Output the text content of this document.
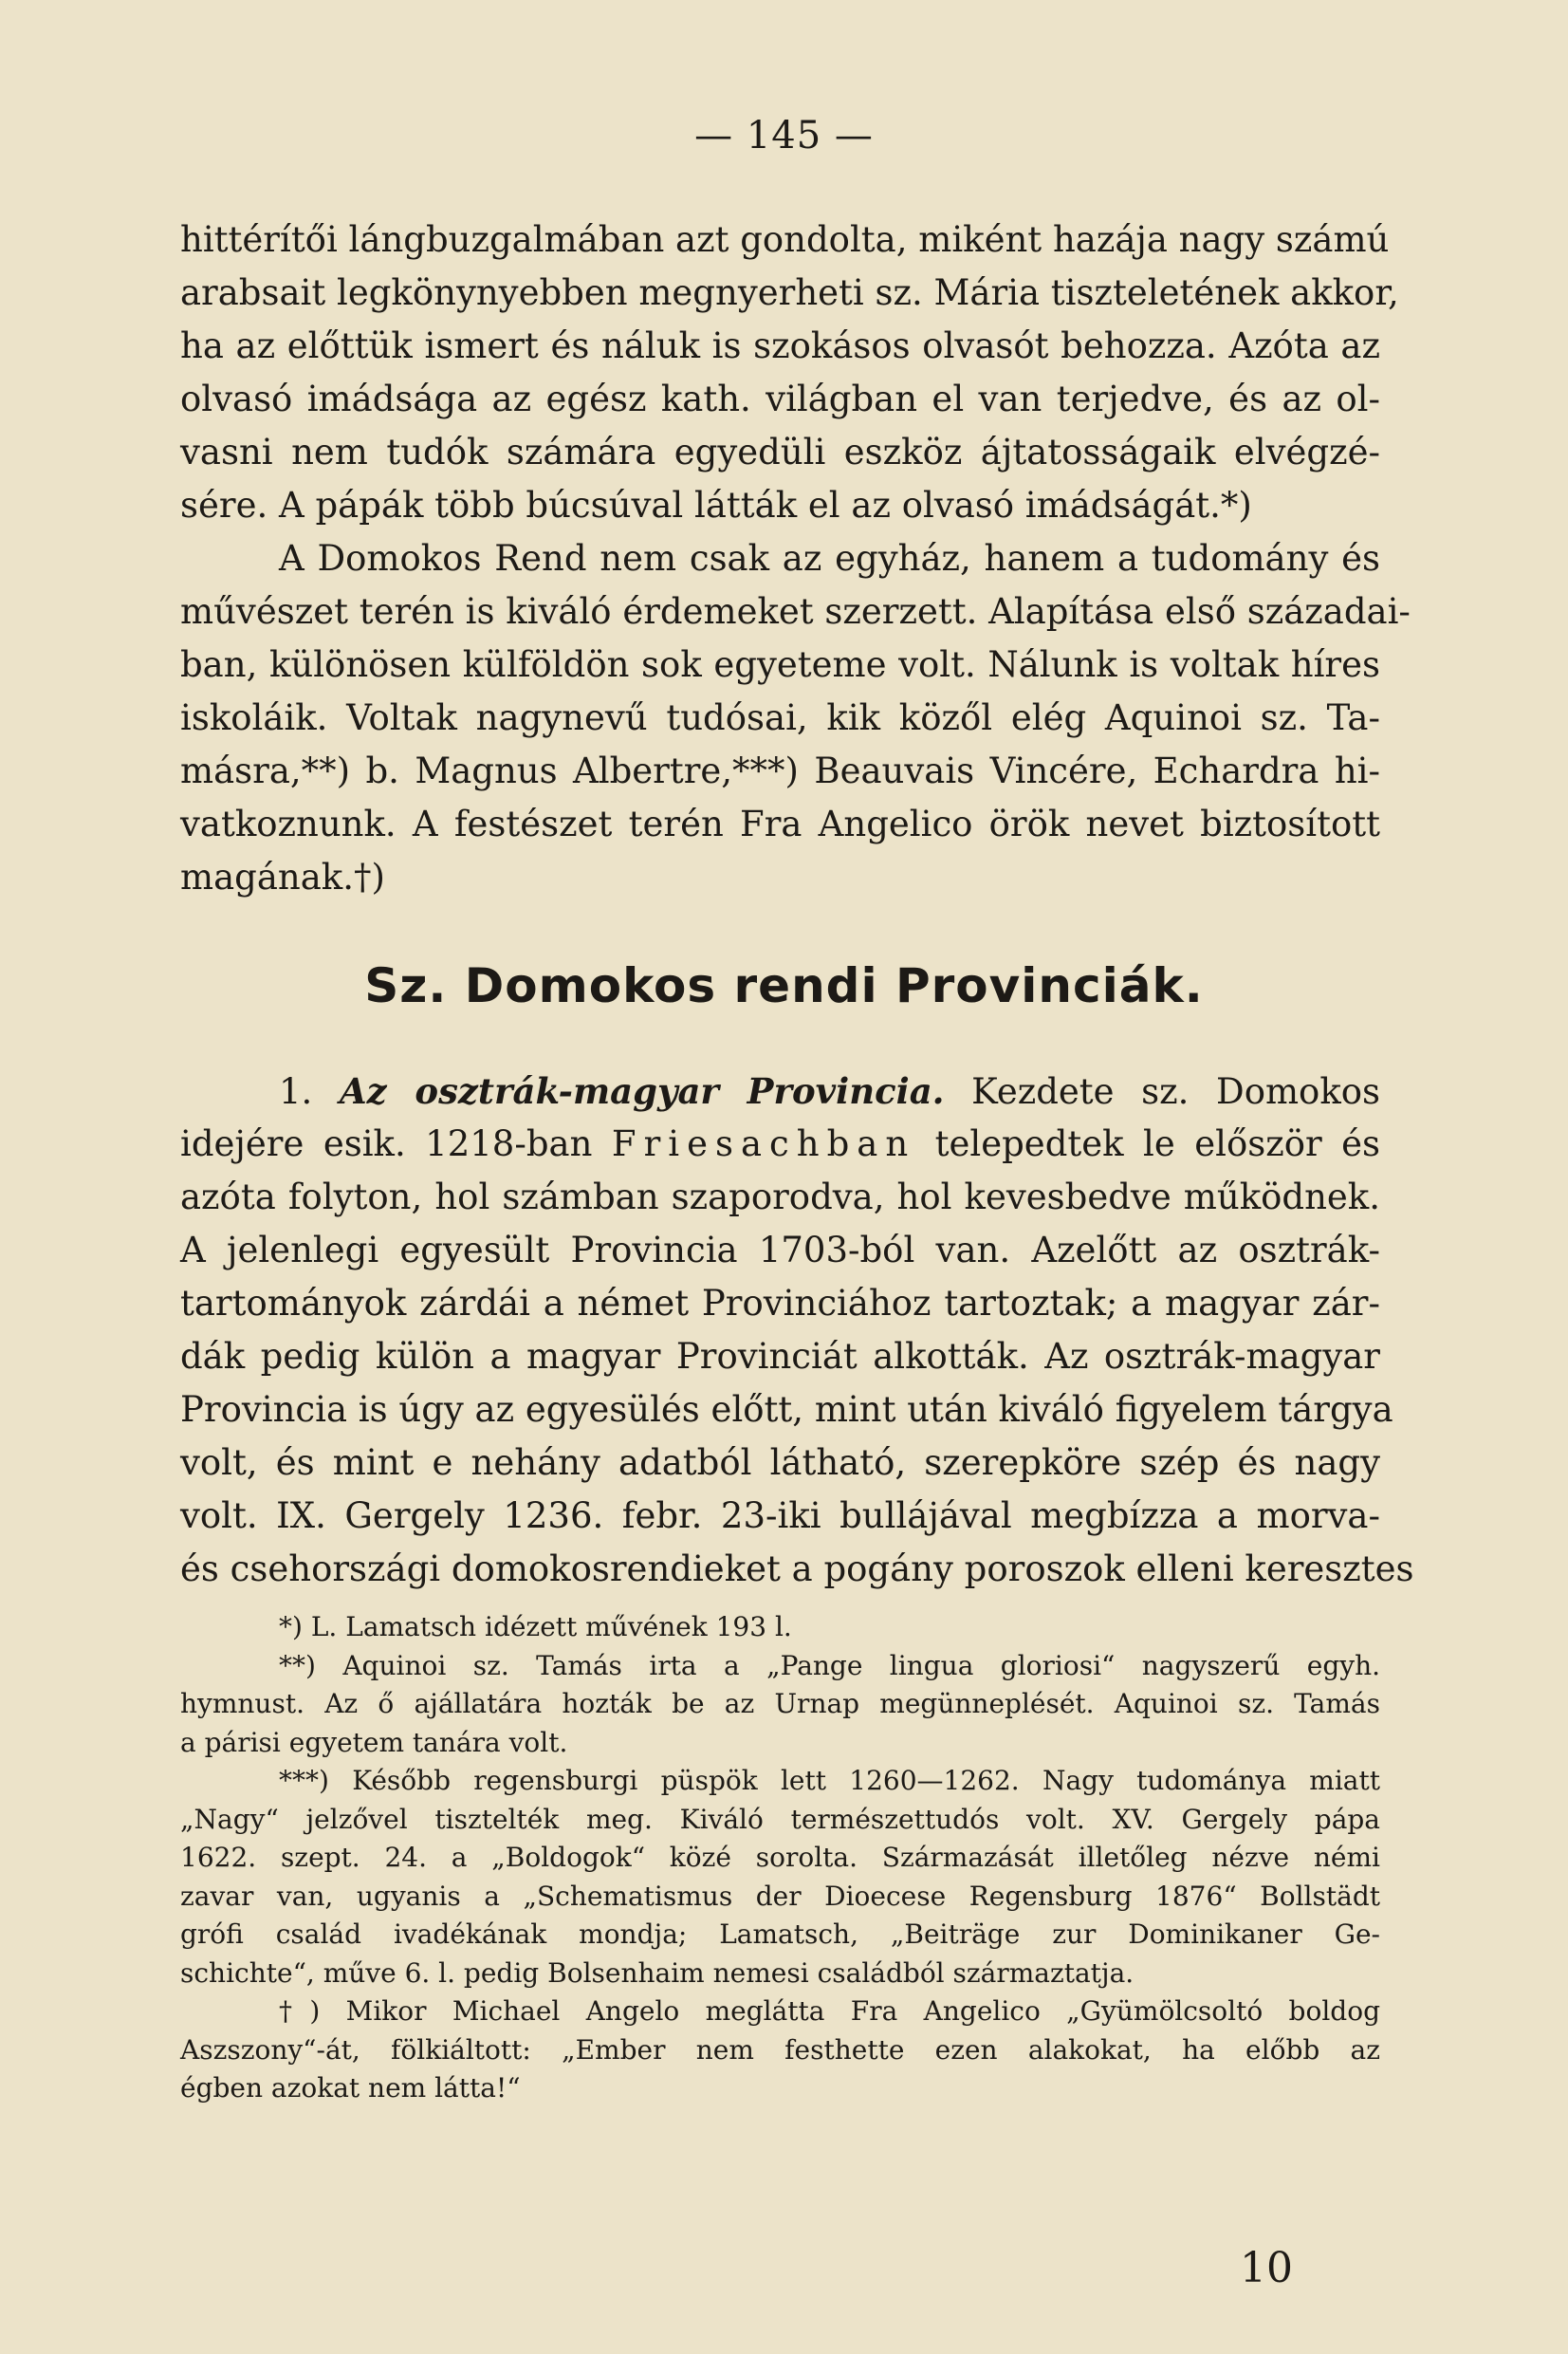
— 145 —
hittérítői lángbuzgalmában azt gondolta, miként hazája nagy számú
arabsait legkönynyebben megnyerheti sz. Mária tiszteletének akkor,
ha az előttük ismert és náluk is szokásos olvasót behozza. Azóta az
olvasó imádsága az egész kath. világban el van terjedve, és az ol-
vasni nem tudók számára egyedüli eszköz ájtatosságaik elvégzé-
sére. A pápák több búcsúval látták el az olvasó imádságát.*)
A Domokos Rend nem csak az egyház, hanem a tudomány és
művészet terén is kiváló érdemeket szerzett. Alapítása első századai-
ban, különösen külföldön sok egyeteme volt. Nálunk is voltak híres
iskoláik. Voltak nagynevű tudósai, kik közől elég Aquinoi sz. Ta-
másra,**) b. Magnus Albertre,***) Beauvais Vincére, Echardra hi-
vatkoznunk. A festészet terén Fra Angelico örök nevet biztosított
magának.†)
Sz. Domokos rendi Provinciák.
1. Az osztrák-magyar Provincia. Kezdete sz. Domokos
idejére esik. 1218-ban Friesachban telepedtek le először és
azóta folyton, hol számban szaporodva, hol kevesbedve működnek.
A jelenlegi egyesült Provincia 1703-ból van. Azelőtt az osztrák-
tartományok zárdái a német Provinciához tartoztak; a magyar zár-
dák pedig külön a magyar Provinciát alkották. Az osztrák-magyar
Provincia is úgy az egyesülés előtt, mint után kiváló figyelem tárgya
volt, és mint e nehány adatból látható, szerepköre szép és nagy
volt. IX. Gergely 1236. febr. 23-iki bullájával megbízza a morva-
és csehországi domokosrendieket a pogány poroszok elleni keresztes
*) L. Lamatsch idézett művének 193 l.
**) Aquinoi sz. Tamás irta a „Pange lingua gloriosi“ nagyszerű egyh.
hymnust. Az ő ajállatára hozták be az Urnap megünneplését. Aquinoi sz. Tamás
a párisi egyetem tanára volt.
***) Később regensburgi püspök lett 1260—1262. Nagy tudománya miatt
„Nagy“ jelzővel tisztelték meg. Kiváló természettudós volt. XV. Gergely pápa
1622. szept. 24. a „Boldogok“ közé sorolta. Származását illetőleg nézve némi
zavar van, ugyanis a „Schematismus der Dioecese Regensburg 1876“ Bollstädt
grófi család ivadékának mondja; Lamatsch, „Beiträge zur Dominikaner Ge-
schichte“, műve 6. l. pedig Bolsenhaim nemesi családból származtatja.
†) Mikor Michael Angelo meglátta Fra Angelico „Gyümölcsoltó boldog
Aszszony“-át, fölkiáltott: „Ember nem festhette ezen alakokat, ha előbb az
égben azokat nem látta!“
10
